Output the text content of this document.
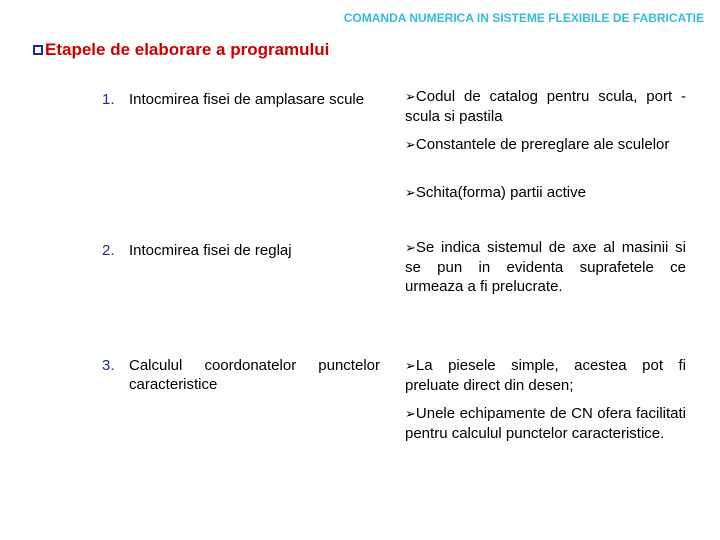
COMANDA NUMERICA IN SISTEME FLEXIBILE DE FABRICATIE
Etapele de elaborare a programului
1. Intocmirea fisei de amplasare scule
2. Intocmirea fisei de reglaj
3. Calculul coordonatelor punctelor caracteristice
➢Codul de catalog pentru scula, port -scula si pastila
➢Constantele de prereglare ale sculelor
➢Schita(forma) partii active
➢Se indica sistemul de axe al masinii si se pun in evidenta suprafetele ce urmeaza a fi prelucrate.
➢La piesele simple, acestea pot fi preluate direct din desen;
➢Unele echipamente de CN ofera facilitati pentru calculul punctelor caracteristice.
